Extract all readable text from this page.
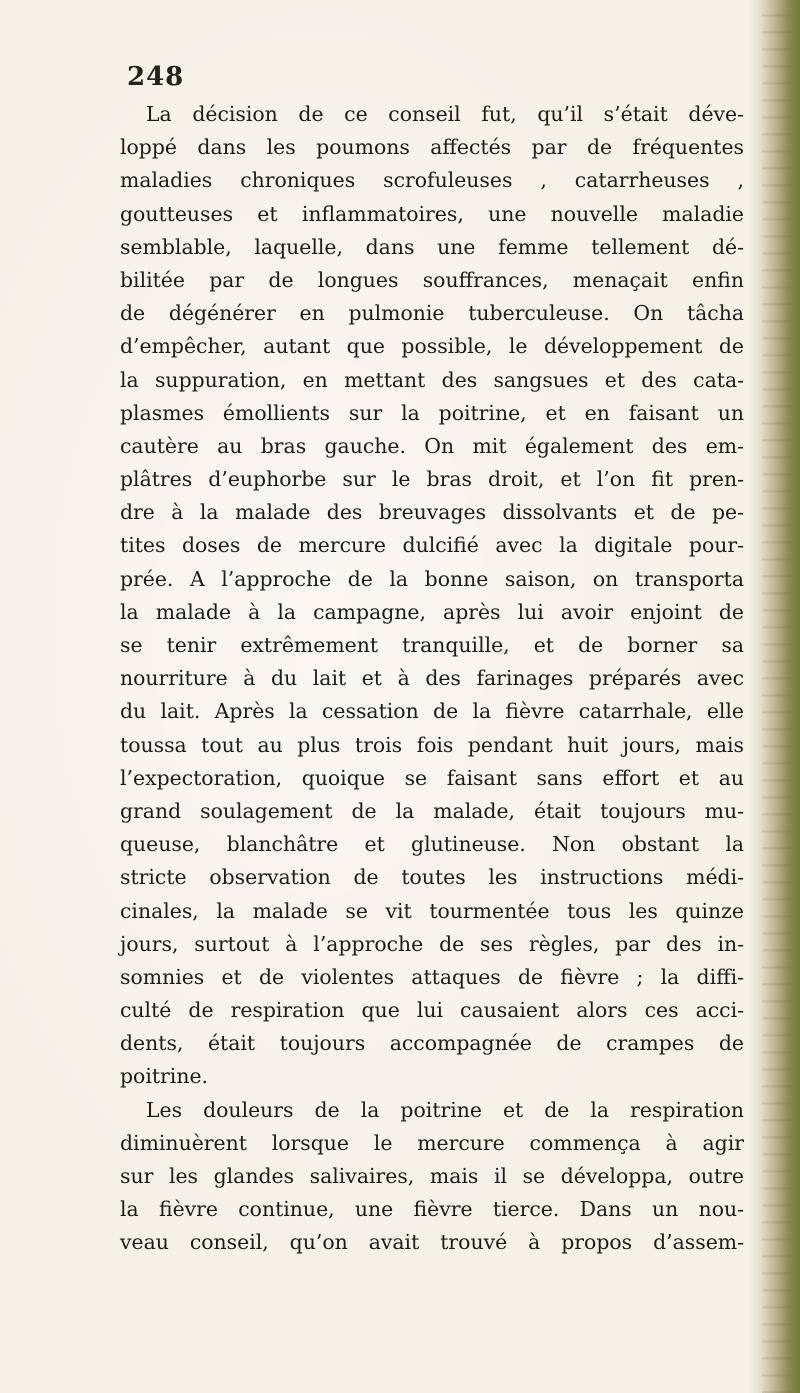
248
La décision de ce conseil fut, qu’il s’était déve-
loppé dans les poumons affectés par de fréquentes
maladies chroniques scrofuleuses , catarrheuses ,
goutteuses et inflammatoires, une nouvelle maladie
semblable, laquelle, dans une femme tellement dé-
bilitée par de longues souffrances, menaçait enfin
de dégénérer en pulmonie tuberculeuse. On tâcha
d’empêcher, autant que possible, le développement de
la suppuration, en mettant des sangsues et des cata-
plasmes émollients sur la poitrine, et en faisant un
cautère au bras gauche. On mit également des em-
plâtres d’euphorbe sur le bras droit, et l’on fit pren-
dre à la malade des breuvages dissolvants et de pe-
tites doses de mercure dulcifié avec la digitale pour-
prée. A l’approche de la bonne saison, on transporta
la malade à la campagne, après lui avoir enjoint de
se tenir extrêmement tranquille, et de borner sa
nourriture à du lait et à des farinages préparés avec
du lait. Après la cessation de la fièvre catarrhale, elle
toussa tout au plus trois fois pendant huit jours, mais
l’expectoration, quoique se faisant sans effort et au
grand soulagement de la malade, était toujours mu-
queuse, blanchâtre et glutineuse. Non obstant la
stricte observation de toutes les instructions médi-
cinales, la malade se vit tourmentée tous les quinze
jours, surtout à l’approche de ses règles, par des in-
somnies et de violentes attaques de fièvre ; la diffi-
culté de respiration que lui causaient alors ces acci-
dents, était toujours accompagnée de crampes de
poitrine.
Les douleurs de la poitrine et de la respiration
diminuèrent lorsque le mercure commença à agir
sur les glandes salivaires, mais il se développa, outre
la fièvre continue, une fièvre tierce. Dans un nou-
veau conseil, qu’on avait trouvé à propos d’assem-
